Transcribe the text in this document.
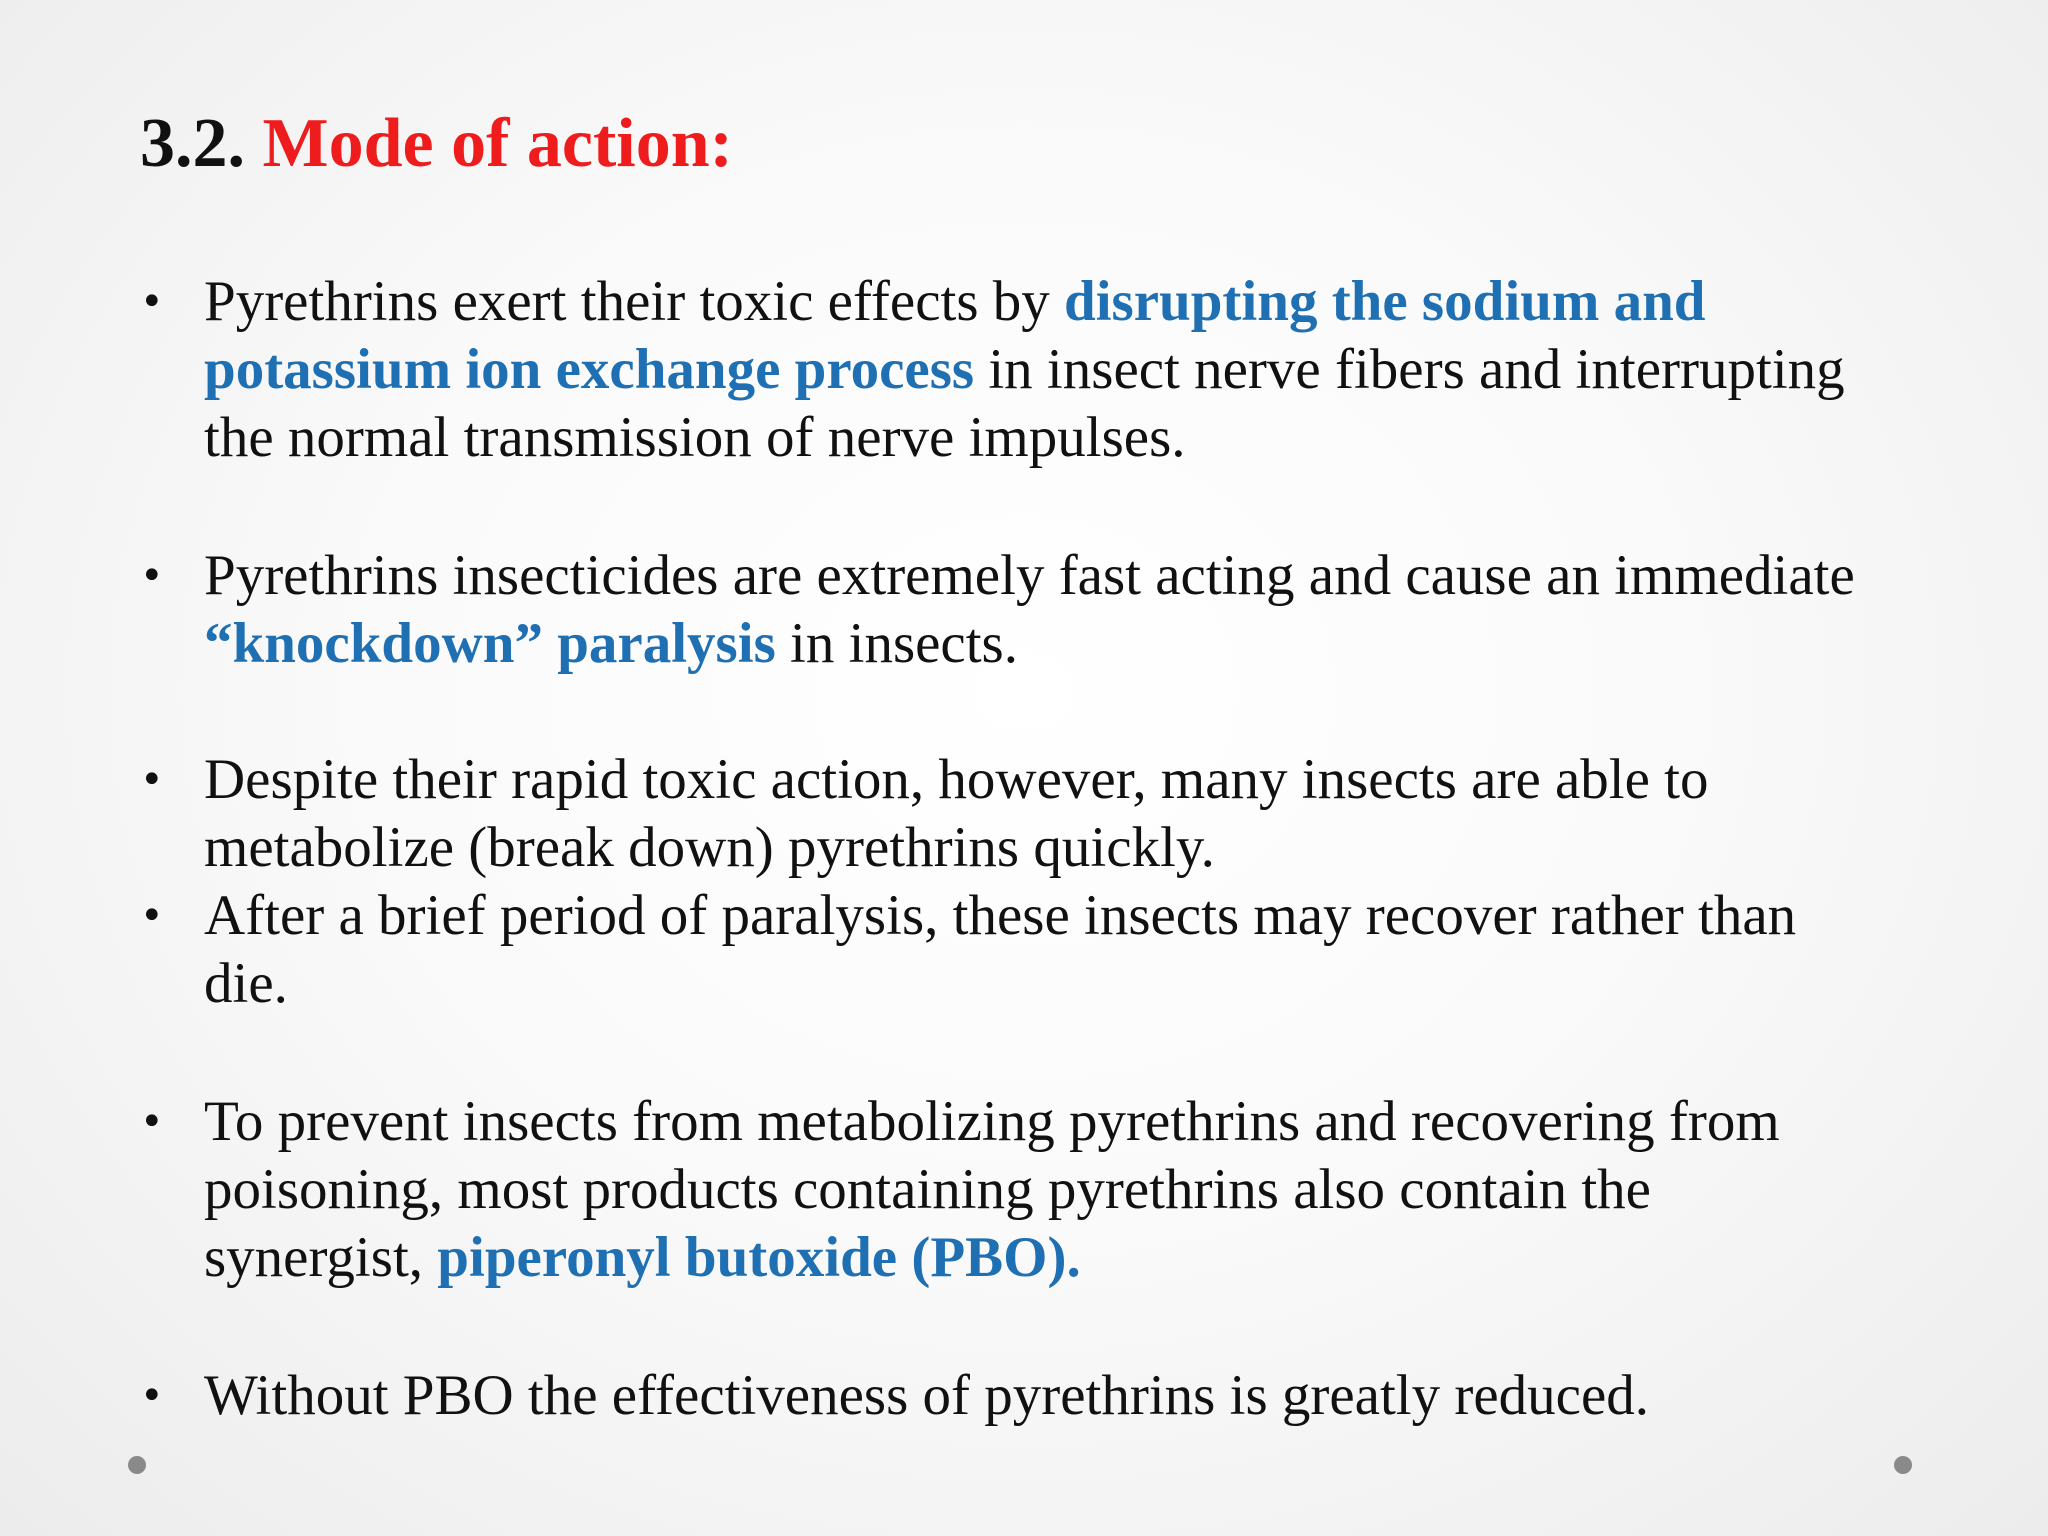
3.2. Mode of action:
• Pyrethrins exert their toxic effects by disrupting the sodium and potassium ion exchange process in insect nerve fibers and interrupting the normal transmission of nerve impulses.
• Pyrethrins insecticides are extremely fast acting and cause an immediate “knockdown” paralysis in insects.
• Despite their rapid toxic action, however, many insects are able to metabolize (break down) pyrethrins quickly.
• After a brief period of paralysis, these insects may recover rather than die.
• To prevent insects from metabolizing pyrethrins and recovering from poisoning, most products containing pyrethrins also contain the synergist, piperonyl butoxide (PBO).
• Without PBO the effectiveness of pyrethrins is greatly reduced.
